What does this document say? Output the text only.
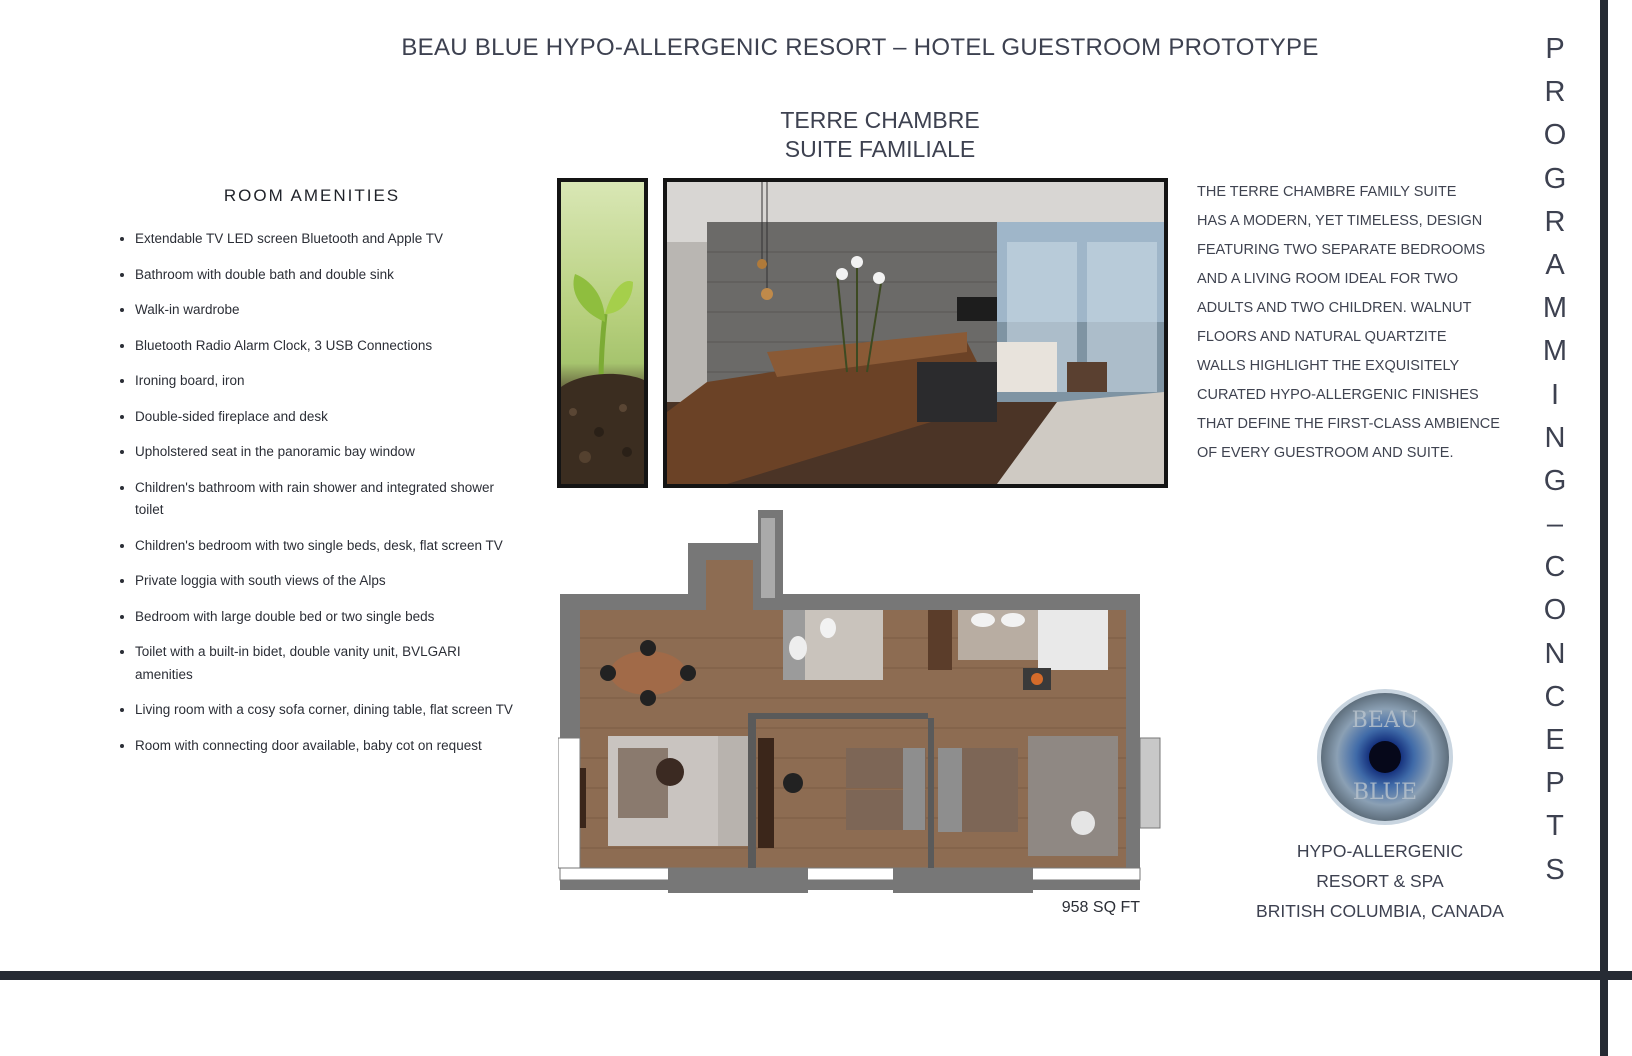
BEAU BLUE HYPO-ALLERGENIC RESORT – HOTEL GUESTROOM PROTOTYPE
TERRE CHAMBRE
SUITE FAMILIALE
ROOM AMENITIES
• Extendable TV LED screen Bluetooth and Apple TV
• Bathroom with double bath and double sink
• Walk-in wardrobe
• Bluetooth Radio Alarm Clock, 3 USB Connections
• Ironing board, iron
• Double-sided fireplace and desk
• Upholstered seat in the panoramic bay window
• Children's bathroom with rain shower and integrated shower toilet
• Children's bedroom with two single beds, desk, flat screen TV
• Private loggia with south views of the Alps
• Bedroom with large double bed or two single beds
• Toilet with a built-in bidet, double vanity unit, BVLGARI amenities
• Living room with a cosy sofa corner, dining table, flat screen TV
• Room with connecting door available, baby cot on request
THE TERRE CHAMBRE FAMILY SUITE
HAS A MODERN, YET TIMELESS, DESIGN
FEATURING TWO SEPARATE BEDROOMS
AND A LIVING ROOM IDEAL FOR TWO
ADULTS AND TWO CHILDREN. WALNUT
FLOORS AND NATURAL QUARTZITE
WALLS HIGHLIGHT THE EXQUISITELY
CURATED HYPO-ALLERGENIC FINISHES
THAT DEFINE THE FIRST-CLASS AMBIENCE
OF EVERY GUESTROOM AND SUITE.
958 SQ FT
BEAU
BLUE
HYPO-ALLERGENIC
RESORT & SPA
BRITISH COLUMBIA, CANADA
P
R
O
G
R
A
M
M
I
N
G
–
C
O
N
C
E
P
T
S
